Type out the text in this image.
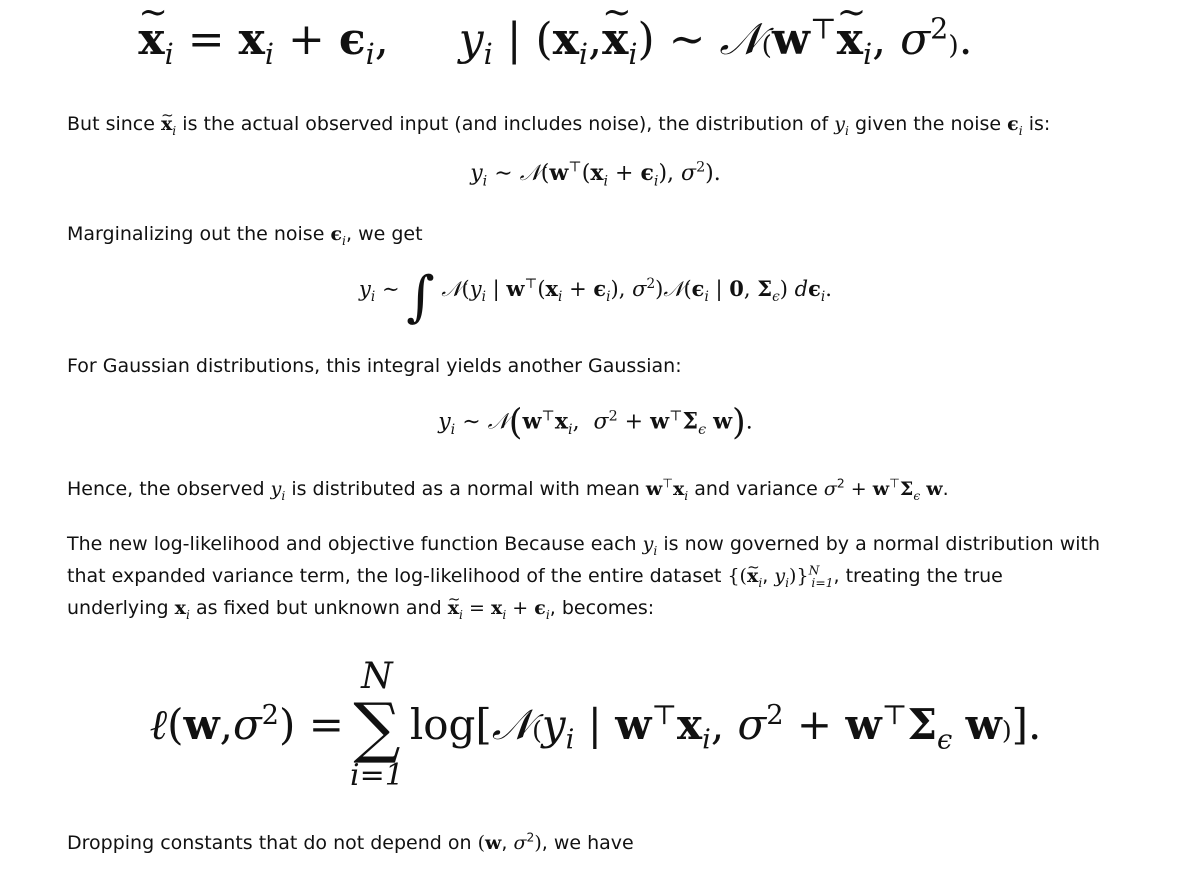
~ $x_i = x_i + \epsilon_i$,     $y_i$ | ($x_i,\sim$ $x_i$) ∼ 𝒩(w⊤~ $x_i$, $\sigma^2$).
But since ~ $x_i$ is the actual observed input (and includes noise), the distribution of $y_i$ given the noise $\epsilon_i$ is:
$y_i$ ∼ $𝒩(w^⊤(x_i + \epsilon_i)$, $\sigma^2$).
Marginalizing out the noise $\epsilon_i$, we get
$y_i$ ∼ ∫ $𝒩(y_i$ | $w^⊤(x_i + \epsilon_i)$, $\sigma^2)𝒩(\epsilon_i$ | 0, $\Sigma_\epsilon$) $d\epsilon_i$.
For Gaussian distributions, this integral yields another Gaussian:
$y_i$ ∼ $𝒩(w^⊤x_i$,  $\sigma^2 + w^⊤\Sigma_\epsilon$ w).
Hence, the observed $y_i$ is distributed as a normal with mean $w^⊤x_i$ and variance $\sigma^2 + w^⊤\Sigma_\epsilon$ w.
The new log-likelihood and objective function Because each $y_i$ is now governed by a normal distribution with that expanded variance term, the log-likelihood of the entire dataset {(~ $x_i$, $y_i)\}^N_{i=1}$, treating the true underlying $x_i$ as fixed but unknown and ~ $x_i = x_i + \epsilon_i$, becomes:
$\ell(w,\sigma^2)$ =
N
∑
i=1
$\log[𝒩(y_i$ | $w^⊤x_i$, $\sigma^2 + w^⊤\Sigma_\epsilon$ w)].
Dropping constants that do not depend on (w, $\sigma^2$), we have
